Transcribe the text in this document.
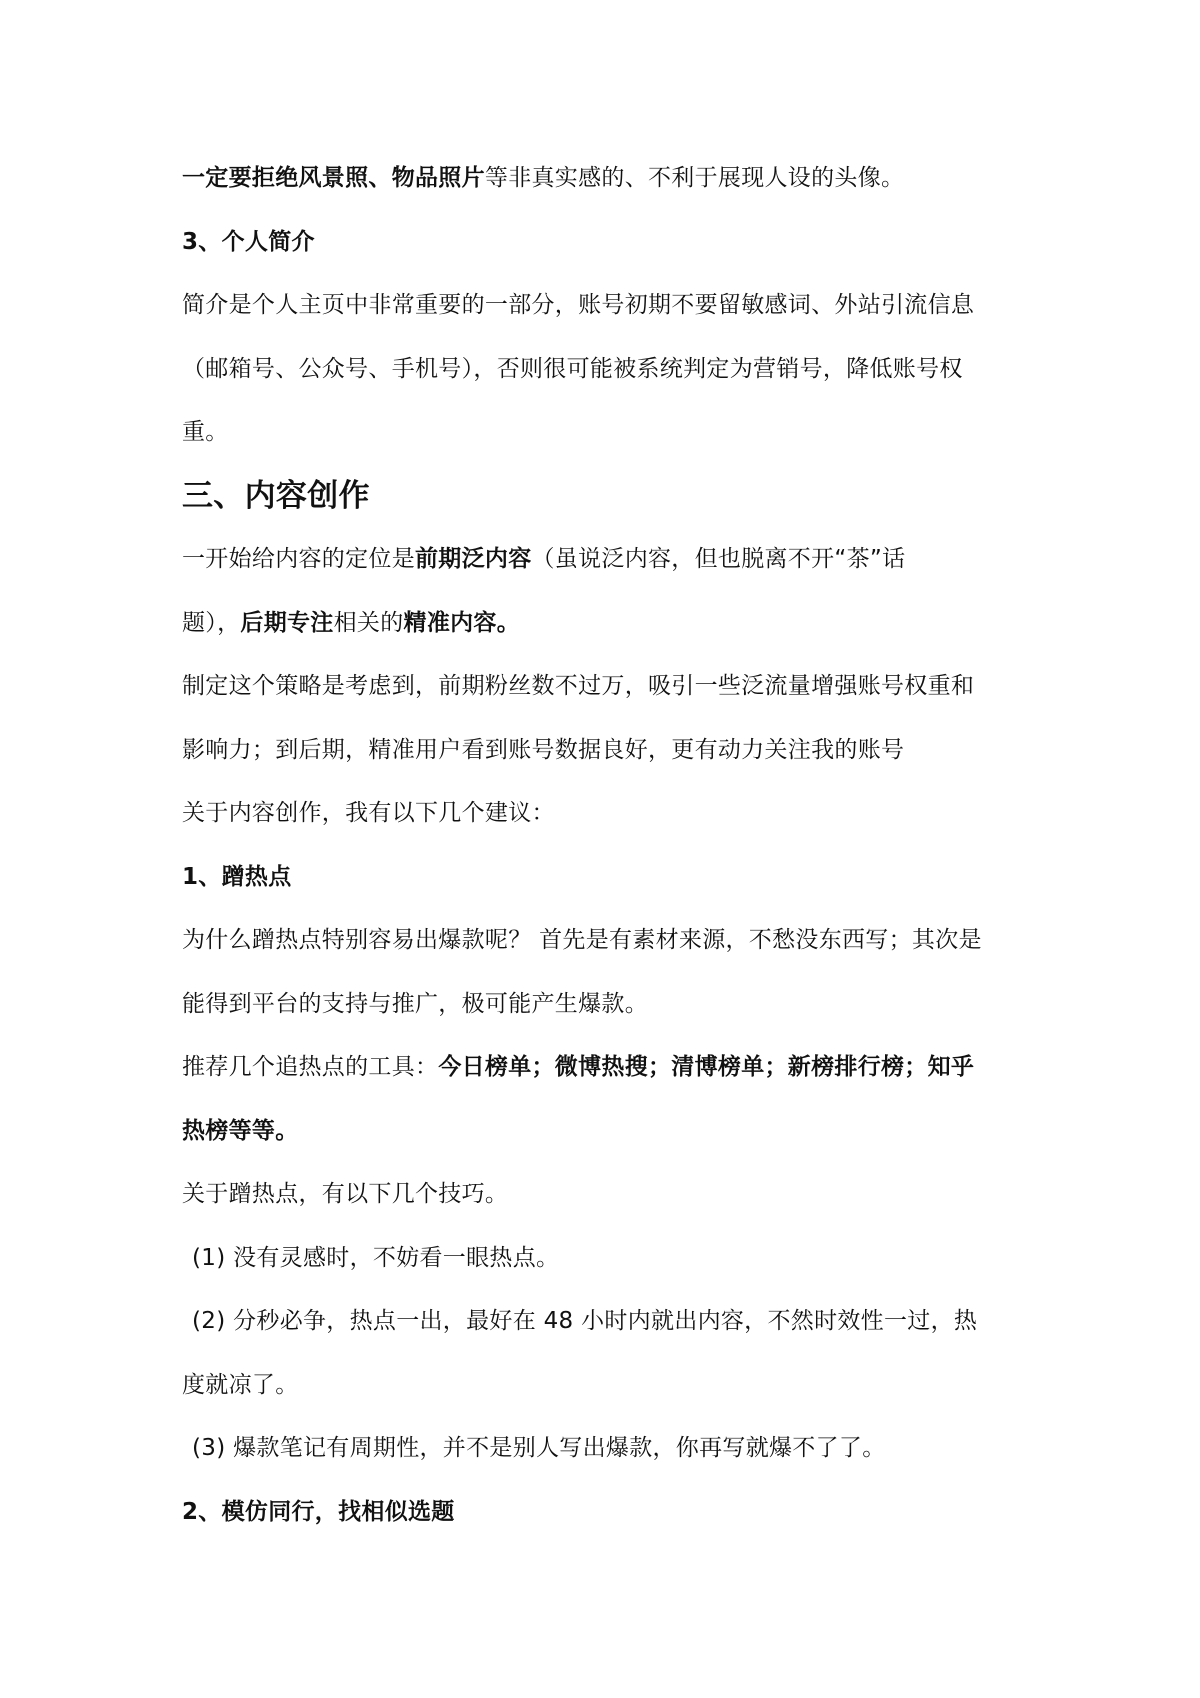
一定要拒绝风景照、物品照片等非真实感的、不利于展现人设的头像。
3、个人简介
简介是个人主页中非常重要的一部分，账号初期不要留敏感词、外站引流信息
（邮箱号、公众号、手机号），否则很可能被系统判定为营销号，降低账号权
重。
三、内容创作
一开始给内容的定位是前期泛内容（虽说泛内容，但也脱离不开“茶”话
题），后期专注相关的精准内容。
制定这个策略是考虑到，前期粉丝数不过万，吸引一些泛流量增强账号权重和
影响力；到后期，精准用户看到账号数据良好，更有动力关注我的账号
关于内容创作，我有以下几个建议：
1、蹭热点
为什么蹭热点特别容易出爆款呢？ 首先是有素材来源，不愁没东西写；其次是
能得到平台的支持与推广，极可能产生爆款。
推荐几个追热点的工具：今日榜单；微博热搜；清博榜单；新榜排行榜；知乎
热榜等等。
关于蹭热点，有以下几个技巧。
(1) 没有灵感时，不妨看一眼热点。
(2) 分秒必争，热点一出，最好在 48 小时内就出内容，不然时效性一过，热
度就凉了。
(3) 爆款笔记有周期性，并不是别人写出爆款，你再写就爆不了了。
2、模仿同行，找相似选题
